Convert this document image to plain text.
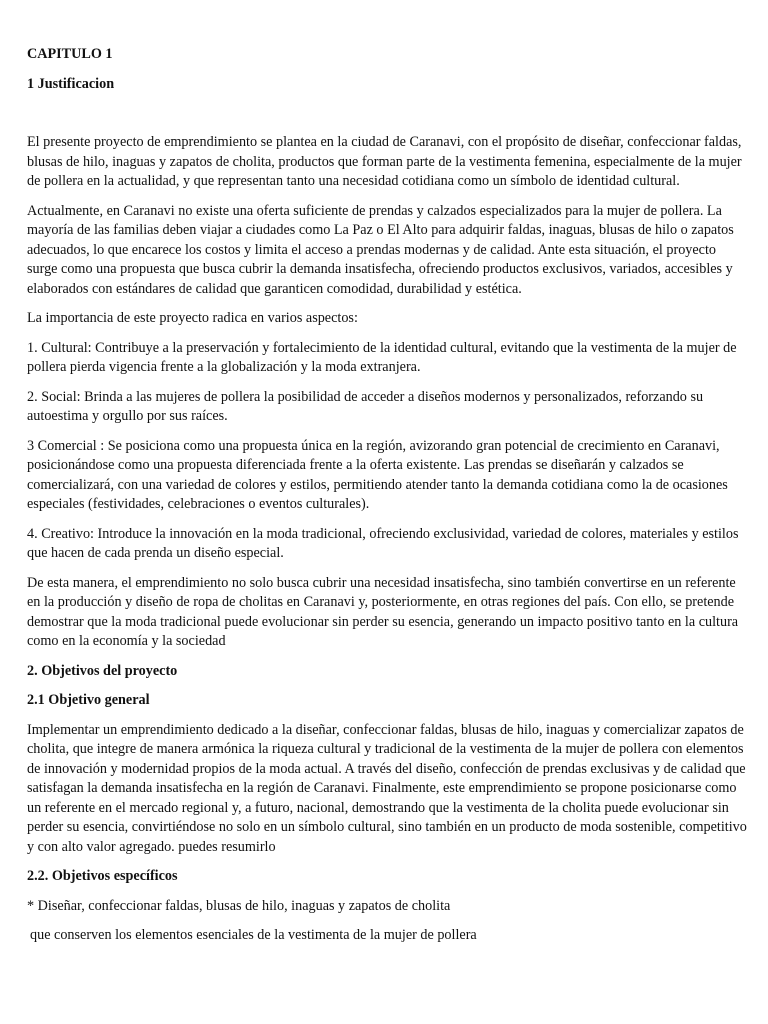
CAPITULO 1
1 Justificacion

El presente proyecto de emprendimiento se plantea en la ciudad de Caranavi, con el propósito de diseñar, confeccionar faldas, blusas de hilo, inaguas y zapatos de cholita, productos que forman parte de la vestimenta femenina, especialmente de la mujer de pollera en la actualidad, y que representan tanto una necesidad cotidiana como un símbolo de identidad cultural.

Actualmente, en Caranavi no existe una oferta suficiente de prendas y calzados especializados para la mujer de pollera. La mayoría de las familias deben viajar a ciudades como La Paz o El Alto para adquirir faldas, inaguas, blusas de hilo o zapatos adecuados, lo que encarece los costos y limita el acceso a prendas modernas y de calidad. Ante esta situación, el proyecto surge como una propuesta que busca cubrir la demanda insatisfecha, ofreciendo productos exclusivos, variados, accesibles y elaborados con estándares de calidad que garanticen comodidad, durabilidad y estética.

La importancia de este proyecto radica en varios aspectos:

1. Cultural: Contribuye a la preservación y fortalecimiento de la identidad cultural, evitando que la vestimenta de la mujer de pollera pierda vigencia frente a la globalización y la moda extranjera.

2. Social: Brinda a las mujeres de pollera la posibilidad de acceder a diseños modernos y personalizados, reforzando su autoestima y orgullo por sus raíces.

3 Comercial : Se posiciona como una propuesta única en la región, avizorando gran potencial de crecimiento en Caranavi, posicionándose como una propuesta diferenciada frente a la oferta existente. Las prendas se diseñarán y calzados se comercializará, con una variedad de colores y estilos, permitiendo atender tanto la demanda cotidiana como la de ocasiones especiales (festividades, celebraciones o eventos culturales).

4. Creativo: Introduce la innovación en la moda tradicional, ofreciendo exclusividad, variedad de colores, materiales y estilos que hacen de cada prenda un diseño especial.

De esta manera, el emprendimiento no solo busca cubrir una necesidad insatisfecha, sino también convertirse en un referente en la producción y diseño de ropa de cholitas en Caranavi y, posteriormente, en otras regiones del país. Con ello, se pretende demostrar que la moda tradicional puede evolucionar sin perder su esencia, generando un impacto positivo tanto en la cultura como en la economía y la sociedad

2. Objetivos del proyecto
2.1 Objetivo general

Implementar un emprendimiento dedicado a la diseñar, confeccionar faldas, blusas de hilo, inaguas y comercializar zapatos de cholita, que integre de manera armónica la riqueza cultural y tradicional de la vestimenta de la mujer de pollera con elementos de innovación y modernidad propios de la moda actual. A través del diseño, confección de prendas exclusivas y de calidad que satisfagan la demanda insatisfecha en la región de Caranavi. Finalmente, este emprendimiento se propone posicionarse como un referente en el mercado regional y, a futuro, nacional, demostrando que la vestimenta de la cholita puede evolucionar sin perder su esencia, convirtiéndose no solo en un símbolo cultural, sino también en un producto de moda sostenible, competitivo y con alto valor agregado. puedes resumirlo

2.2. Objetivos específicos

* Diseñar, confeccionar faldas, blusas de hilo, inaguas y zapatos de cholita

que conserven los elementos esenciales de la vestimenta de la mujer de pollera
